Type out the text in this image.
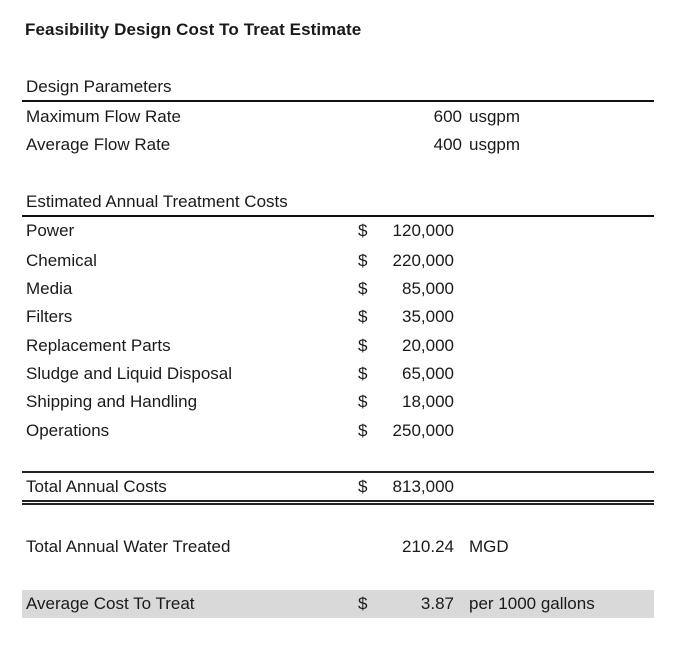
Feasibility Design Cost To Treat Estimate
Design Parameters
Maximum Flow Rate	600 usgpm
Average Flow Rate	400 usgpm
Estimated Annual Treatment Costs
Power	$	120,000
Chemical	$	220,000
Media	$	85,000
Filters	$	35,000
Replacement Parts	$	20,000
Sludge and Liquid Disposal	$	65,000
Shipping and Handling	$	18,000
Operations	$	250,000
Total Annual Costs	$	813,000
Total Annual Water Treated	210.24 MGD
Average Cost To Treat	$	3.87 per 1000 gallons
